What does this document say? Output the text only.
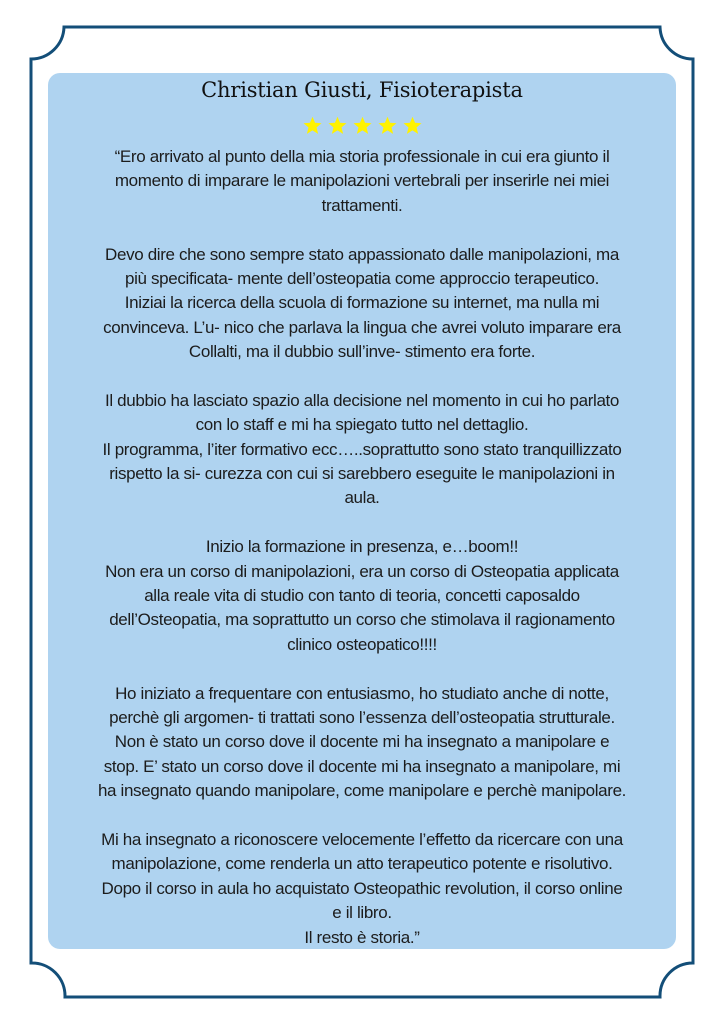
Christian Giusti, Fisioterapista
“Ero arrivato al punto della mia storia professionale in cui era giunto il
momento di imparare le manipolazioni vertebrali per inserirle nei miei
trattamenti.
Devo dire che sono sempre stato appassionato dalle manipolazioni, ma
più specificata- mente dell’osteopatia come approccio terapeutico.
Iniziai la ricerca della scuola di formazione su internet, ma nulla mi
convinceva. L’u- nico che parlava la lingua che avrei voluto imparare era
Collalti, ma il dubbio sull’inve- stimento era forte.
Il dubbio ha lasciato spazio alla decisione nel momento in cui ho parlato
con lo staff e mi ha spiegato tutto nel dettaglio.
Il programma, l’iter formativo ecc…..soprattutto sono stato tranquillizzato
rispetto la si- curezza con cui si sarebbero eseguite le manipolazioni in
aula.
Inizio la formazione in presenza, e…boom!!
Non era un corso di manipolazioni, era un corso di Osteopatia applicata
alla reale vita di studio con tanto di teoria, concetti caposaldo
dell’Osteopatia, ma soprattutto un corso che stimolava il ragionamento
clinico osteopatico!!!!
Ho iniziato a frequentare con entusiasmo, ho studiato anche di notte,
perchè gli argomen- ti trattati sono l’essenza dell’osteopatia strutturale.
Non è stato un corso dove il docente mi ha insegnato a manipolare e
stop. E’ stato un corso dove il docente mi ha insegnato a manipolare, mi
ha insegnato quando manipolare, come manipolare e perchè manipolare.
Mi ha insegnato a riconoscere velocemente l’effetto da ricercare con una
manipolazione, come renderla un atto terapeutico potente e risolutivo.
Dopo il corso in aula ho acquistato Osteopathic revolution, il corso online
e il libro.
Il resto è storia.”
